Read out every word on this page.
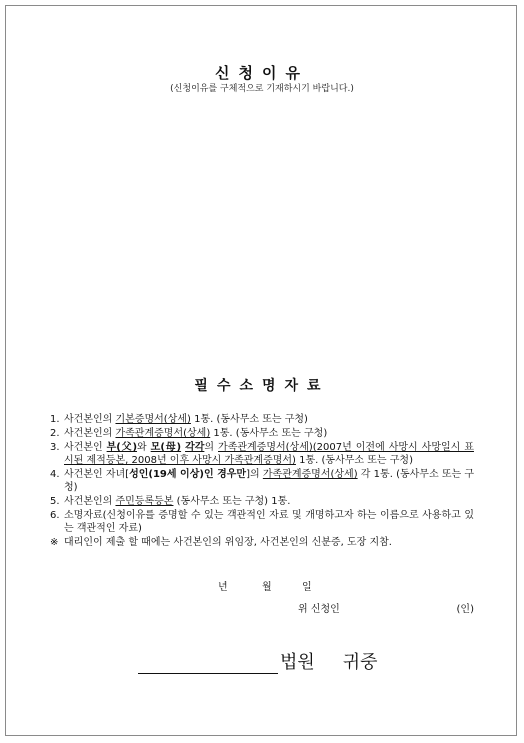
신청이유
(신청이유를 구체적으로 기재하시기 바랍니다.)
필수소명자료
1. 사건본인의 기본증명서(상세) 1통. (동사무소 또는 구청)
2. 사건본인의 가족관계증명서(상세) 1통. (동사무소 또는 구청)
3. 사건본인 부(父)와 모(母) 각각의 가족관계증명서(상세)(2007년 이전에 사망시 사망일시 표시된 제적등본, 2008년 이후 사망시 가족관계증명서) 1통. (동사무소 또는 구청)
4. 사건본인 자녀[성인(19세 이상)인 경우만]의 가족관계증명서(상세) 각 1통. (동사무소 또는 구청)
5. 사건본인의 주민등록등본 (동사무소 또는 구청) 1통.
6. 소명자료(신청이유를 증명할 수 있는 객관적인 자료 및 개명하고자 하는 이름으로 사용하고 있는 객관적인 자료)
※ 대리인이 제출 할 때에는 사건본인의 위임장, 사건본인의 신분증, 도장 지참.
년	월	일
위 신청인	(인)
법원 귀중
